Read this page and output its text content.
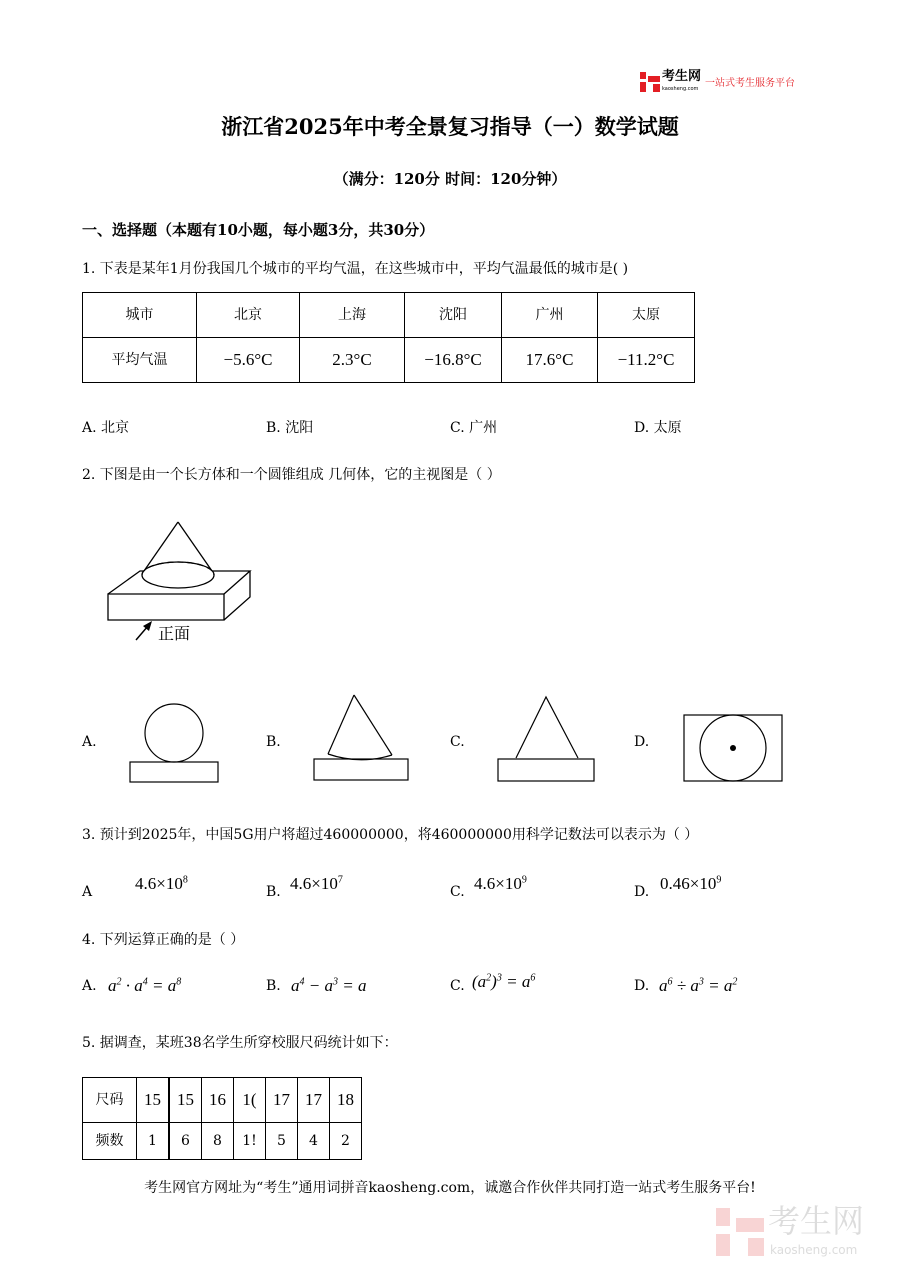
考生网
kaosheng.com 一站式考生服务平台
浙江省2025年中考全景复习指导（一）数学试题
（满分：120分 时间：120分钟）
一、选择题（本题有10小题，每小题3分，共30分）
1. 下表是某年1月份我国几个城市的平均气温，在这些城市中，平均气温最低的城市是( )
城市	北京	上海	沈阳	广州	太原
平均气温	−5.6°C	2.3°C	−16.8°C	17.6°C	−11.2°C
A. 北京	B. 沈阳	C. 广州	D. 太原
2. 下图是由一个长方体和一个圆锥组成 几何体，它的主视图是（ ）
正面
A.	B.	C.	D.
3. 预计到2025年，中国5G用户将超过460000000，将460000000用科学记数法可以表示为（ ）
A	$4.6\times 10^8$
B. $4.6\times 10^7$
C. $4.6\times 10^9$
D. $0.46\times 10^9$
4. 下列运算正确的是（ ）
A. $a^2 \cdot a^4 = a^8$	B. $a^4 - a^3 = a$	C. $(a^2)^3 = a^6$
D. $a^6 \div a^3 = a^2$
5. 据调查，某班38名学生所穿校服尺码统计如下：
尺码	15	15	16	1(	17	17	18
频数	1	6	8	1!	5	4	2
考生网官方网址为“考生”通用词拼音kaosheng.com，诚邀合作伙伴共同打造一站式考生服务平台!
考生网
kaosheng.com
